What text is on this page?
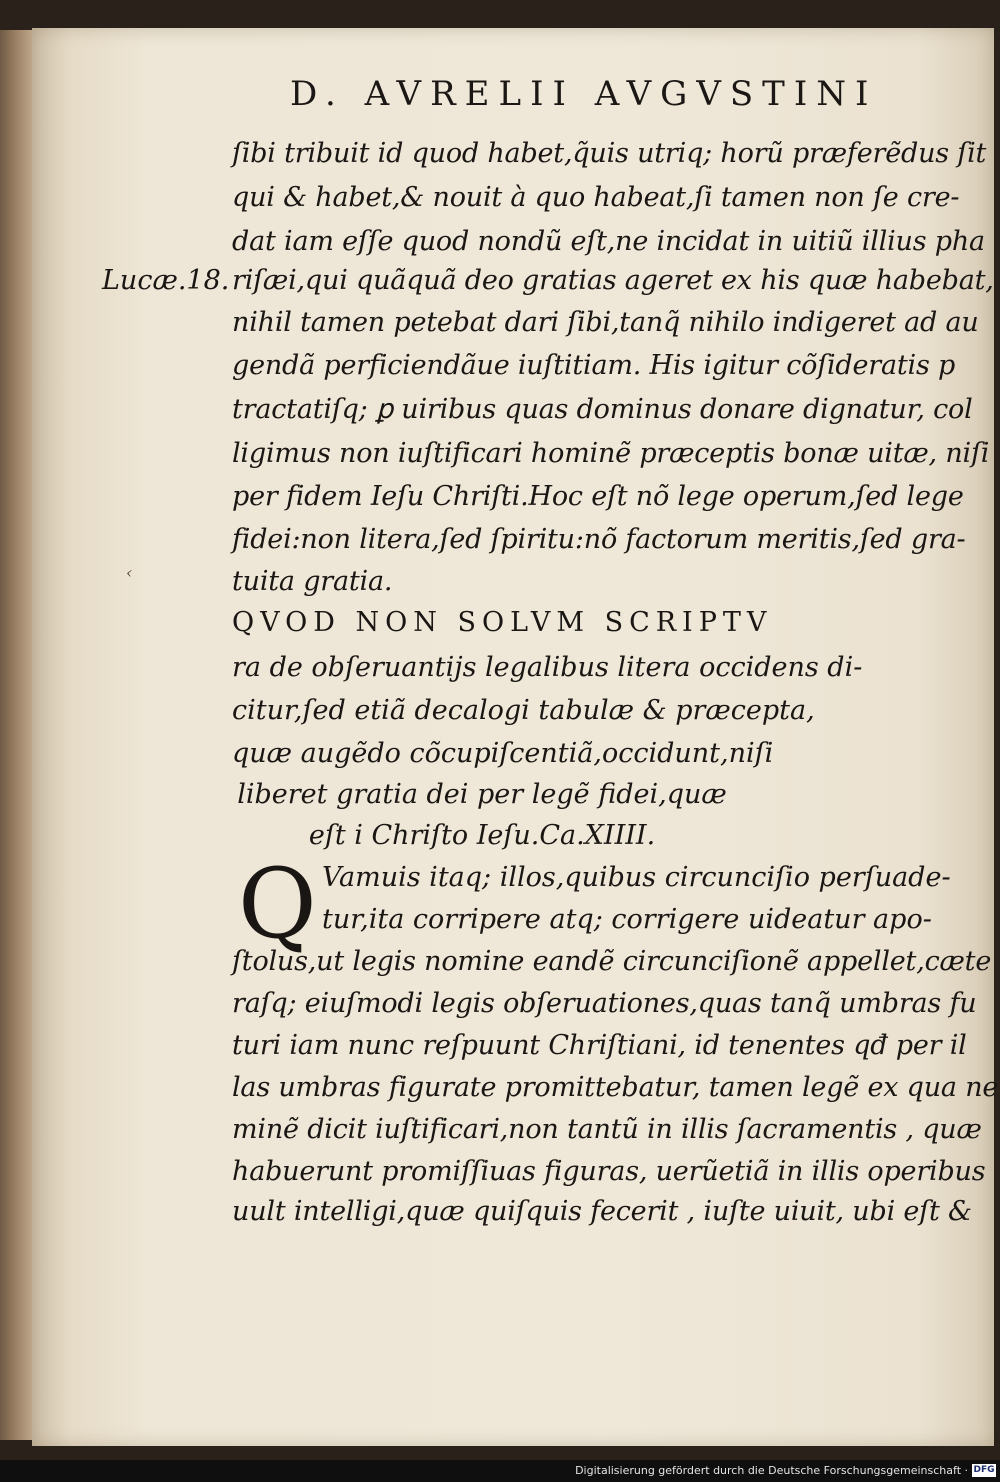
D. AVRELII AVGVSTINI
Lucæ.18.
‹
ſibi tribuit id quod habet,q̃uis utriq; horũ præferẽdus ſit
qui & habet,& nouit à quo habeat,ſi tamen non ſe cre-
dat iam eſſe quod nondũ eſt,ne incidat in uitiũ illius pha
riſæi,qui quãquã deo gratias ageret ex his quæ habebat,
nihil tamen petebat dari ſibi,tanq̃ nihilo indigeret ad au
gendã perficiendãue iuſtitiam. His igitur cõſideratis p
tractatiſq; ꝑ uiribus quas dominus donare dignatur, col
ligimus non iuſtificari hominẽ præceptis bonæ uitæ, niſi
per fidem Ieſu Chriſti.Hoc eſt nõ lege operum,ſed lege
fidei:non litera,ſed ſpiritu:nõ factorum meritis,ſed gra-
tuita gratia.
QVOD NON SOLVM SCRIPTV
ra de obſeruantijs legalibus litera occidens di-
citur,ſed etiã decalogi tabulæ & præcepta,
quæ augẽdo cõcupiſcentiã,occidunt,niſi
liberet gratia dei per legẽ fidei,quæ
eſt i Chriſto Ieſu.Ca.XIIII.
Q Vamuis itaq; illos,quibus circunciſio perſuade-
tur,ita corripere atq; corrigere uideatur apo-
ſtolus,ut legis nomine eandẽ circunciſionẽ appellet,cæte
raſq; eiuſmodi legis obſeruationes,quas tanq̃ umbras fu
turi iam nunc reſpuunt Chriſtiani, id tenentes qđ per il
las umbras figurate promittebatur, tamen legẽ ex qua ne
minẽ dicit iuſtificari,non tantũ in illis ſacramentis , quæ
habuerunt promiſſiuas figuras, uerũetiã in illis operibus
uult intelligi,quæ quiſquis fecerit , iuſte uiuit, ubi eſt &
Digitalisierung gefördert durch die Deutsche Forschungsgemeinschaft · DFG
